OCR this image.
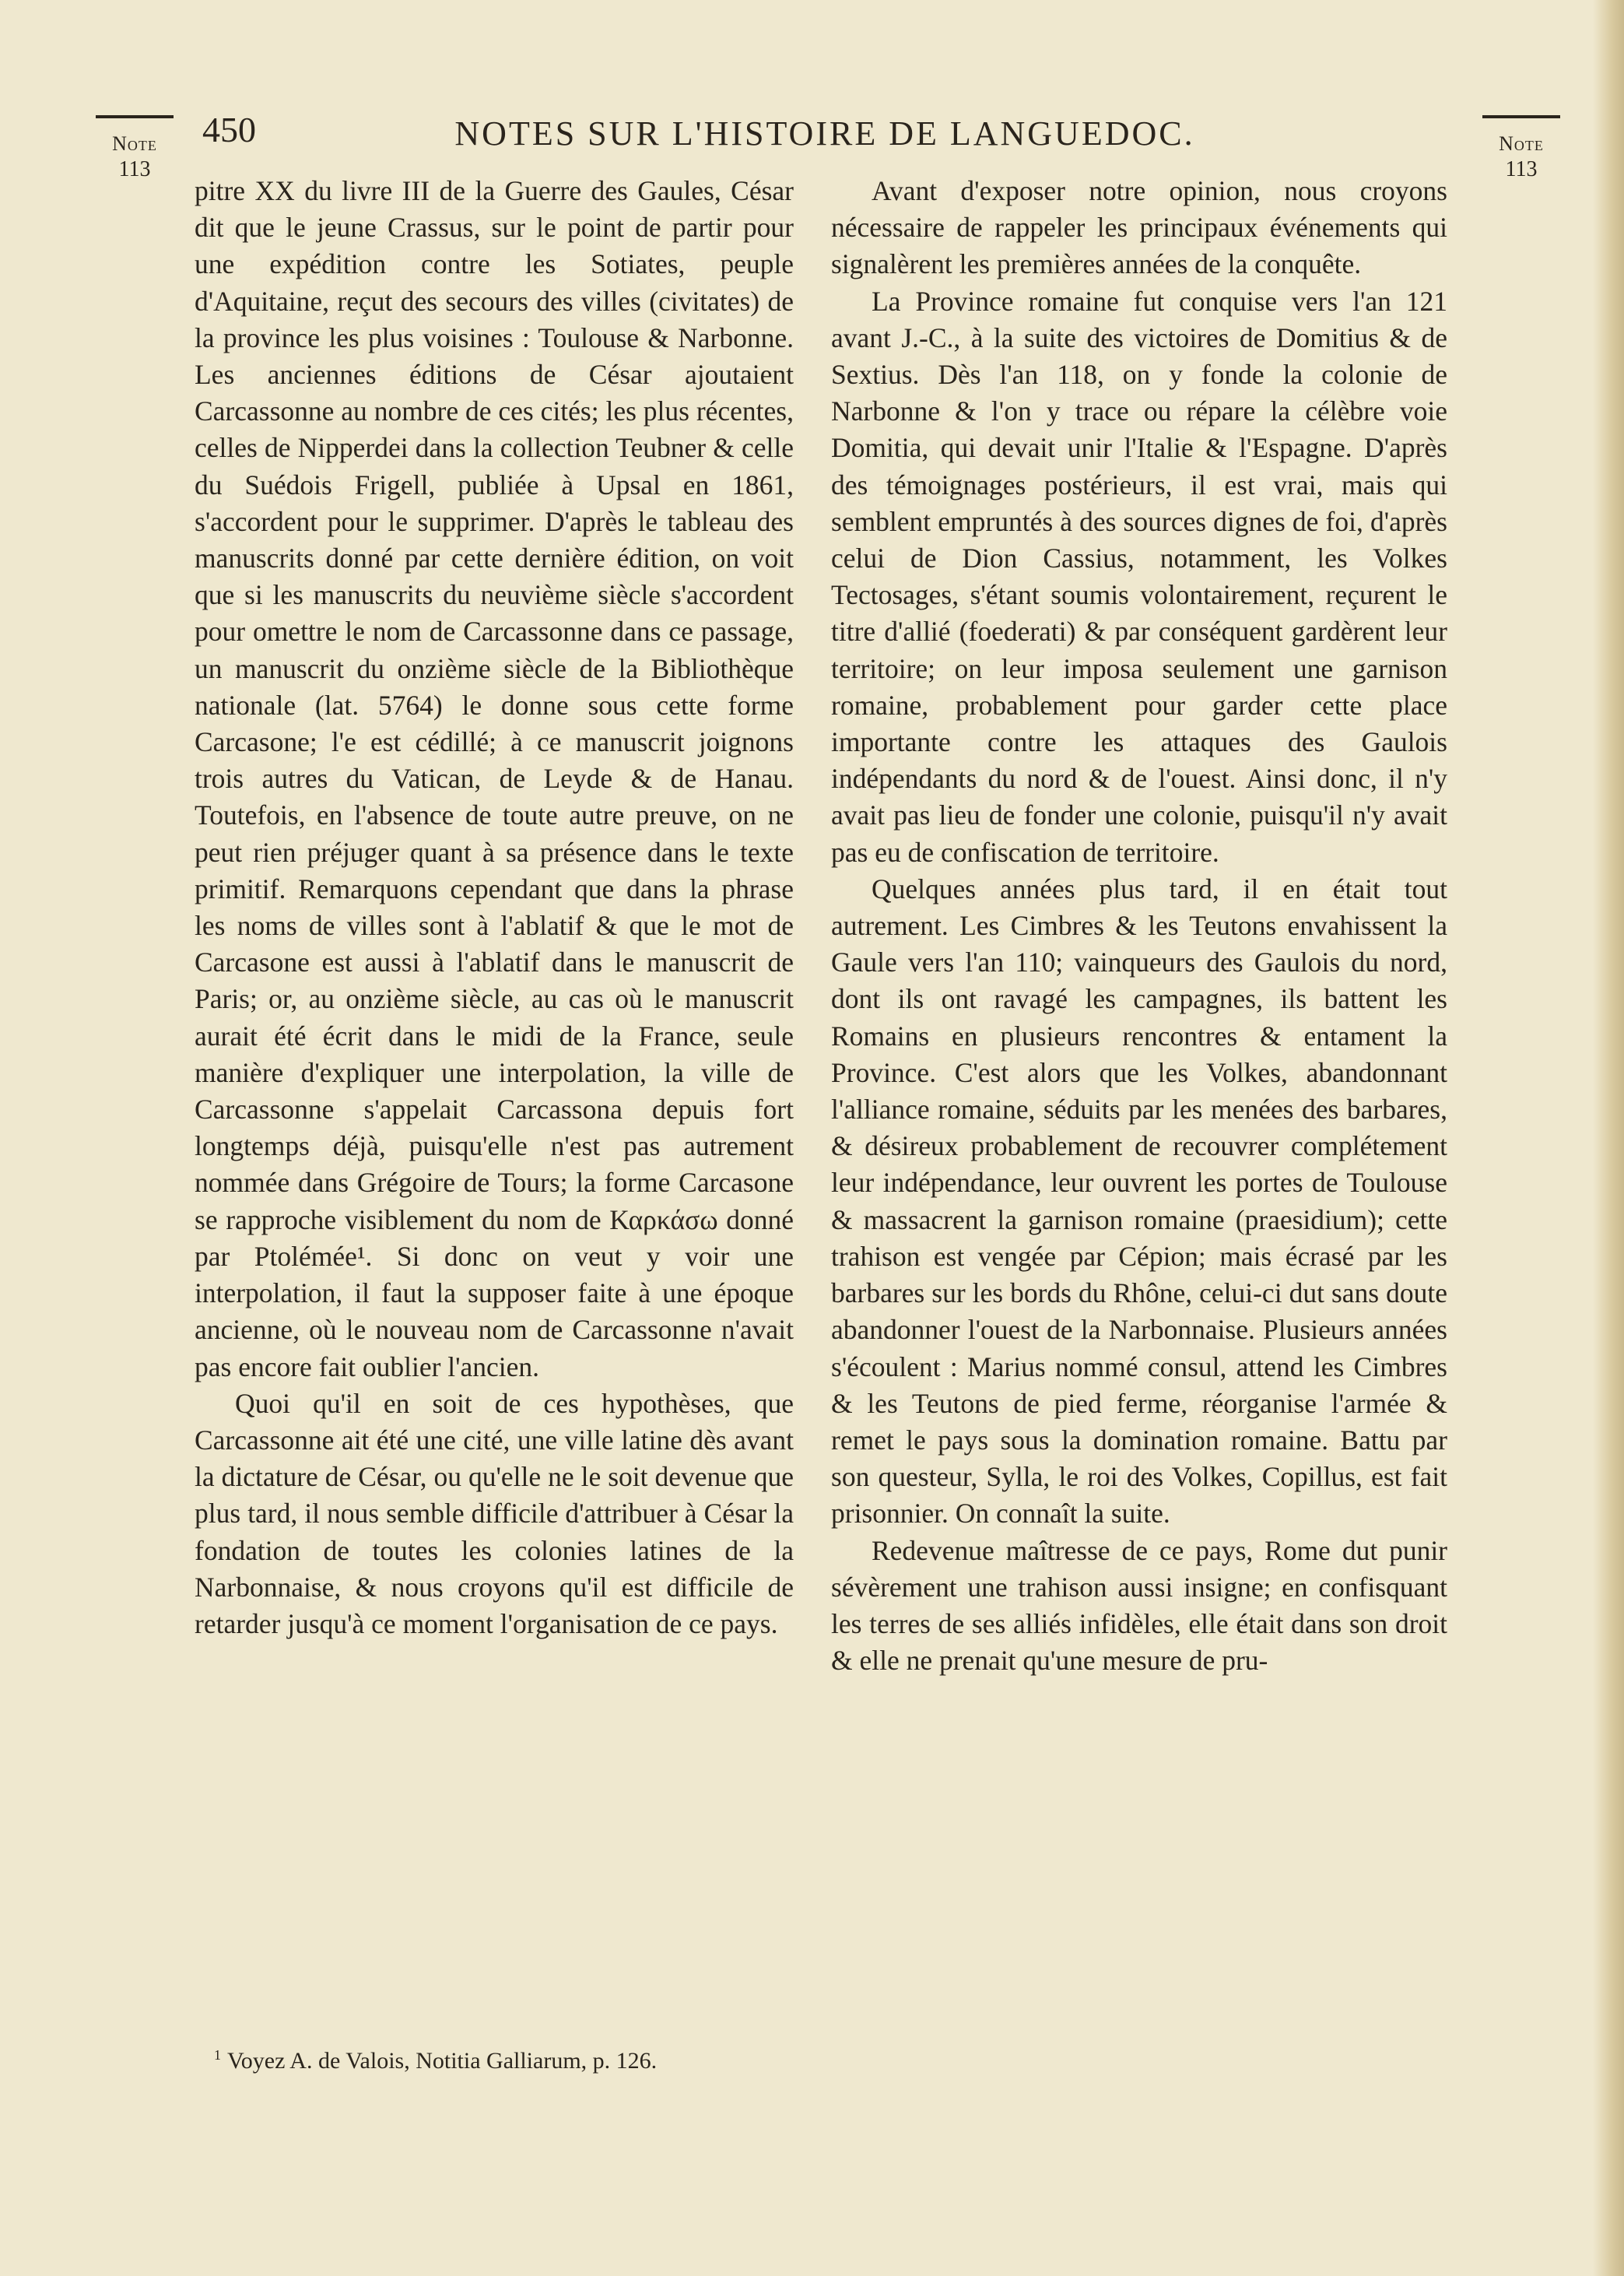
450	NOTES SUR L'HISTOIRE DE LANGUEDOC.
Note
113
Note
113

pitre XX du livre III de la Guerre des Gaules, César dit que le jeune Crassus, sur le point de partir pour une expédition contre les Sotiates, peuple d'Aquitaine, reçut des secours des villes (civitates) de la province les plus voisines : Toulouse & Narbonne. Les anciennes éditions de César ajoutaient Carcassonne au nombre de ces cités; les plus récentes, celles de Nipperdei dans la collection Teubner & celle du Suédois Frigell, publiée à Upsal en 1861, s'accordent pour le supprimer. D'après le tableau des manuscrits donné par cette dernière édition, on voit que si les manuscrits du neuvième siècle s'accordent pour omettre le nom de Carcassonne dans ce passage, un manuscrit du onzième siècle de la Bibliothèque nationale (lat. 5764) le donne sous cette forme Carcasone; l'e est cédillé; à ce manuscrit joignons trois autres du Vatican, de Leyde & de Hanau. Toutefois, en l'absence de toute autre preuve, on ne peut rien préjuger quant à sa présence dans le texte primitif. Remarquons cependant que dans la phrase les noms de villes sont à l'ablatif & que le mot de Carcasone est aussi à l'ablatif dans le manuscrit de Paris; or, au onzième siècle, au cas où le manuscrit aurait été écrit dans le midi de la France, seule manière d'expliquer une interpolation, la ville de Carcassonne s'appelait Carcassona depuis fort longtemps déjà, puisqu'elle n'est pas autrement nommée dans Grégoire de Tours; la forme Carcasone se rapproche visiblement du nom de Καρκάσω donné par Ptolémée¹. Si donc on veut y voir une interpolation, il faut la supposer faite à une époque ancienne, où le nouveau nom de Carcassonne n'avait pas encore fait oublier l'ancien.

Quoi qu'il en soit de ces hypothèses, que Carcassonne ait été une cité, une ville latine dès avant la dictature de César, ou qu'elle ne le soit devenue que plus tard, il nous semble difficile d'attribuer à César la fondation de toutes les colonies latines de la Narbonnaise, & nous croyons qu'il est difficile de retarder jusqu'à ce moment l'organisation de ce pays.

$^1$ Voyez A. de Valois, Notitia Galliarum, p. 126.

Avant d'exposer notre opinion, nous croyons nécessaire de rappeler les principaux événements qui signalèrent les premières années de la conquête.

La Province romaine fut conquise vers l'an 121 avant J.-C., à la suite des victoires de Domitius & de Sextius. Dès l'an 118, on y fonde la colonie de Narbonne & l'on y trace ou répare la célèbre voie Domitia, qui devait unir l'Italie & l'Espagne. D'après des témoignages postérieurs, il est vrai, mais qui semblent empruntés à des sources dignes de foi, d'après celui de Dion Cassius, notamment, les Volkes Tectosages, s'étant soumis volontairement, reçurent le titre d'allié (foederati) & par conséquent gardèrent leur territoire; on leur imposa seulement une garnison romaine, probablement pour garder cette place importante contre les attaques des Gaulois indépendants du nord & de l'ouest. Ainsi donc, il n'y avait pas lieu de fonder une colonie, puisqu'il n'y avait pas eu de confiscation de territoire.

Quelques années plus tard, il en était tout autrement. Les Cimbres & les Teutons envahissent la Gaule vers l'an 110; vainqueurs des Gaulois du nord, dont ils ont ravagé les campagnes, ils battent les Romains en plusieurs rencontres & entament la Province. C'est alors que les Volkes, abandonnant l'alliance romaine, séduits par les menées des barbares, & désireux probablement de recouvrer complétement leur indépendance, leur ouvrent les portes de Toulouse & massacrent la garnison romaine (praesidium); cette trahison est vengée par Cépion; mais écrasé par les barbares sur les bords du Rhône, celui-ci dut sans doute abandonner l'ouest de la Narbonnaise. Plusieurs années s'écoulent : Marius nommé consul, attend les Cimbres & les Teutons de pied ferme, réorganise l'armée & remet le pays sous la domination romaine. Battu par son questeur, Sylla, le roi des Volkes, Copillus, est fait prisonnier. On connaît la suite.

Redevenue maîtresse de ce pays, Rome dut punir sévèrement une trahison aussi insigne; en confisquant les terres de ses alliés infidèles, elle était dans son droit & elle ne prenait qu'une mesure de pru-
